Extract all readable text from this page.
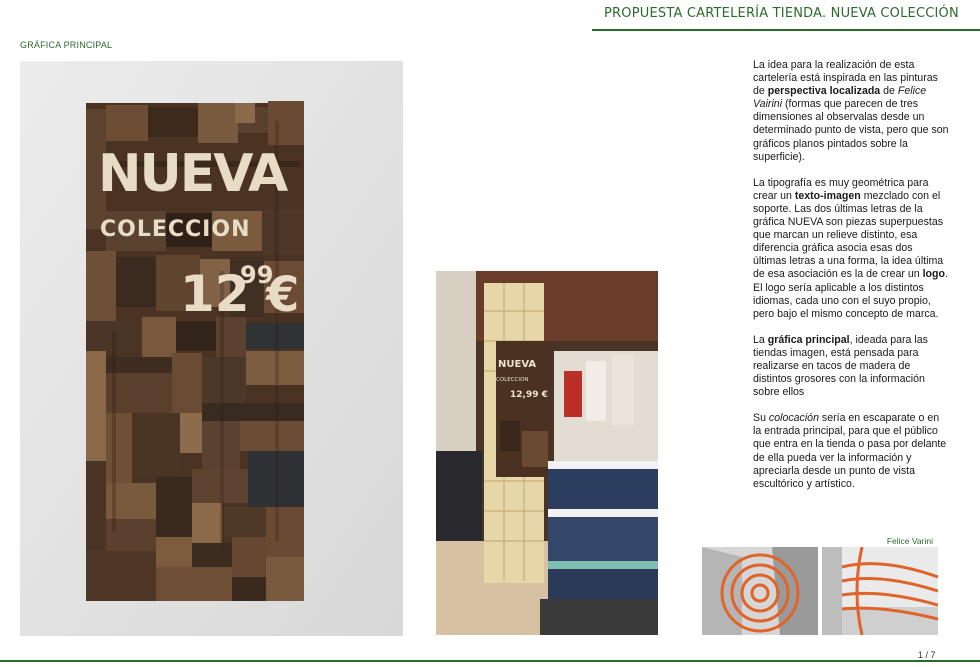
PROPUESTA CARTELERÍA TIENDA. NUEVA COLECCIÓN
GRÁFICA PRINCIPAL
NUEVA
COLECCION
12
99
€
NUEVA
COLECCION
12,99 €

La idea para la realización de esta cartelería está inspirada en las pinturas de perspectiva localizada de Felice Vairini (formas que parecen de tres dimensiones al observalas desde un determinado punto de vista, pero que son gráficos planos pintados sobre la superficie).

La tipografía es muy geométrica para crear un texto-imagen mezclado con el soporte. Las dos últimas letras de la gráfica NUEVA son piezas superpuestas que marcan un relieve distinto, esa diferencia gráfica asocia esas dos últimas letras a una forma, la idea última de esa asociación es la de crear un logo. El logo sería aplicable a los distintos idiomas, cada uno con el suyo propio, pero bajo el mismo concepto de marca.

La gráfica principal, ideada para las tiendas imagen, está pensada para realizarse en tacos de madera de distintos grosores con la información sobre ellos

Su colocación sería en escaparate o en la entrada principal, para que el público que entra en la tienda o pasa por delante de ella pueda ver la información y apreciarla desde un punto de vista escultórico y artístico.

Felice Varini
1 / 7
